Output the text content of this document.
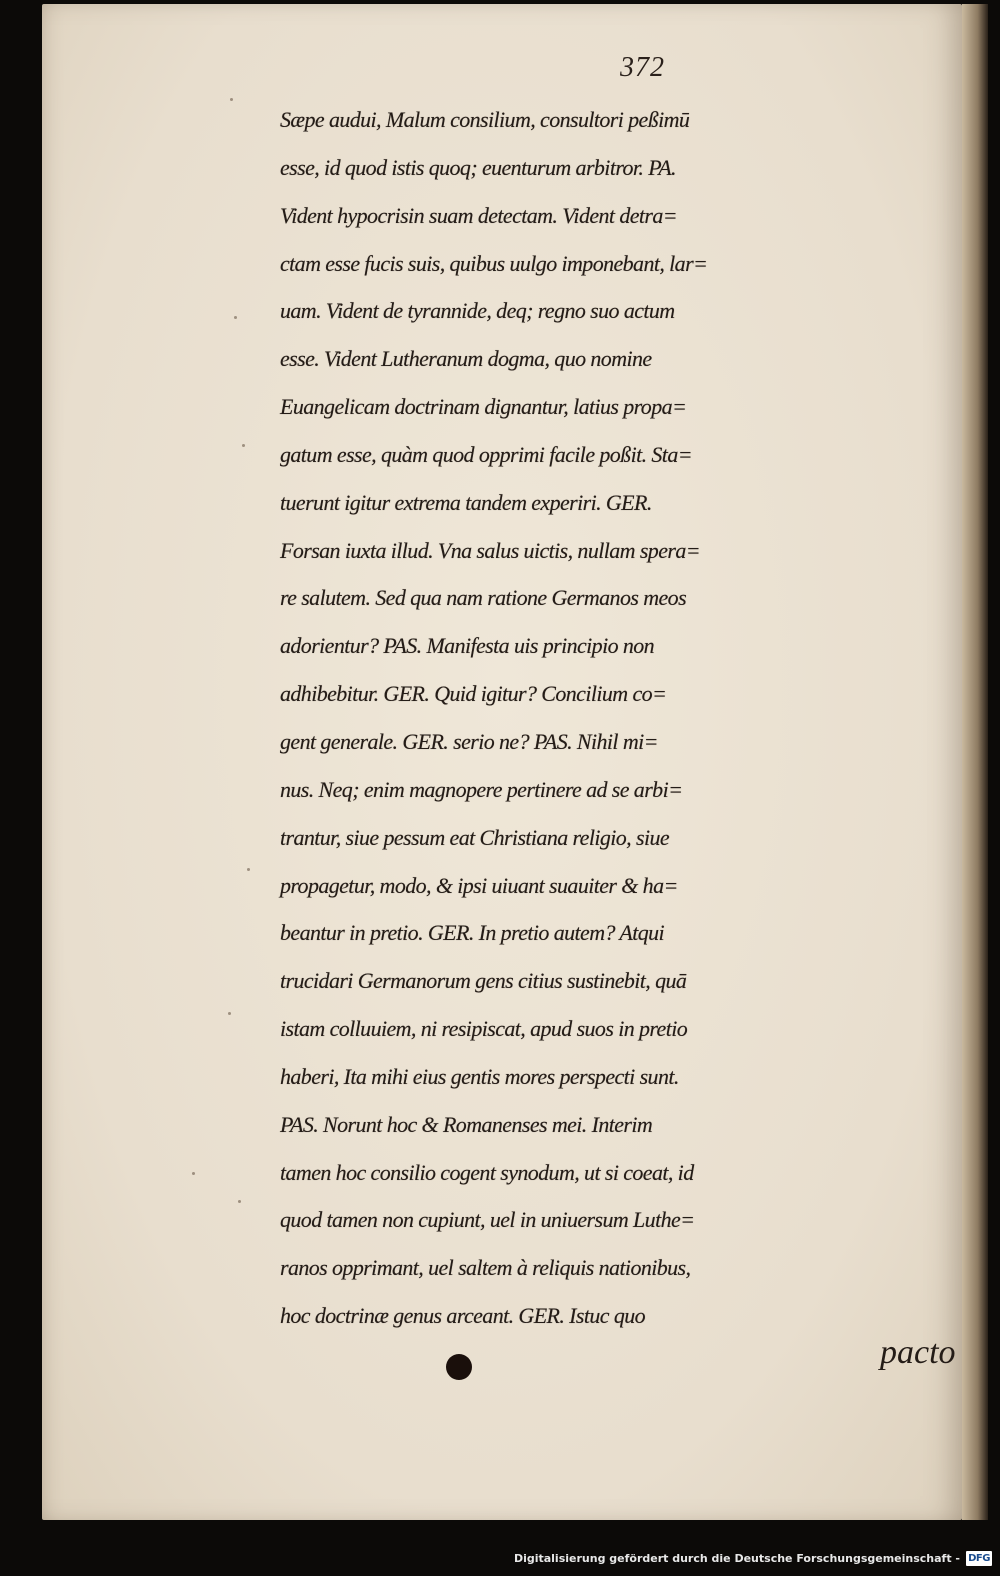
372
Sæpe audui, Malum consilium, consultori peßimū
esse, id quod istis quoq; euenturum arbitror. PA.
Vident hypocrisin suam detectam. Vident detra=
ctam esse fucis suis, quibus uulgo imponebant, lar=
uam. Vident de tyrannide, deq; regno suo actum
esse. Vident Lutheranum dogma, quo nomine
Euangelicam doctrinam dignantur, latius propa=
gatum esse, quàm quod opprimi facile poßit. Sta=
tuerunt igitur extrema tandem experiri. GER.
Forsan iuxta illud. Vna salus uictis, nullam spera=
re salutem. Sed qua nam ratione Germanos meos
adorientur? PAS. Manifesta uis principio non
adhibebitur. GER. Quid igitur? Concilium co=
gent generale. GER. serio ne? PAS. Nihil mi=
nus. Neq; enim magnopere pertinere ad se arbi=
trantur, siue pessum eat Christiana religio, siue
propagetur, modo, & ipsi uiuant suauiter & ha=
beantur in pretio. GER. In pretio autem? Atqui
trucidari Germanorum gens citius sustinebit, quā
istam colluuiem, ni resipiscat, apud suos in pretio
haberi, Ita mihi eius gentis mores perspecti sunt.
PAS. Norunt hoc & Romanenses mei. Interim
tamen hoc consilio cogent synodum, ut si coeat, id
quod tamen non cupiunt, uel in uniuersum Luthe=
ranos opprimant, uel saltem à reliquis nationibus,
hoc doctrinæ genus arceant. GER. Istuc quo
pacto
Digitalisierung gefördert durch die Deutsche Forschungsgemeinschaft - DFG
